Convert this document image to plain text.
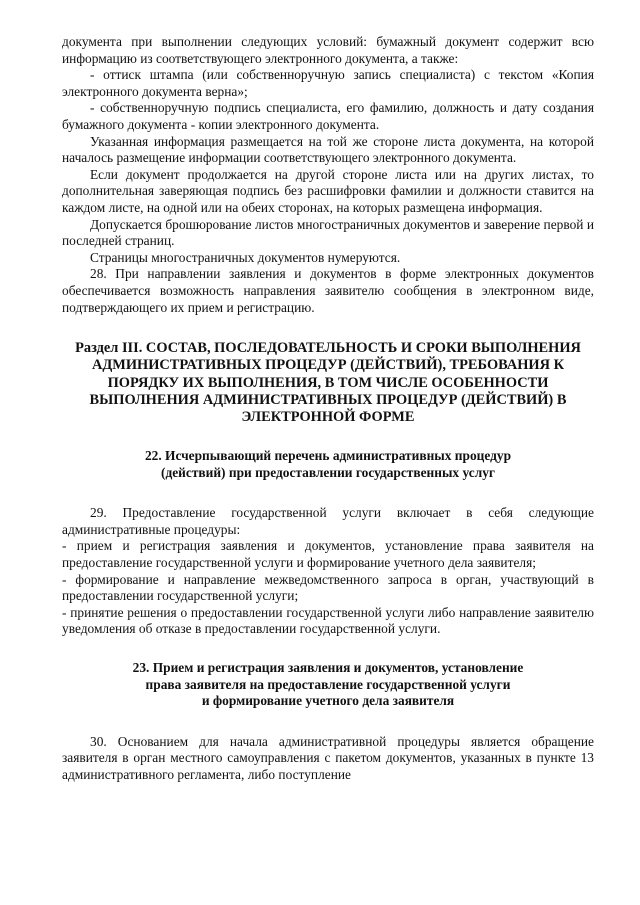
документа при выполнении следующих условий: бумажный документ содержит всю информацию из соответствующего электронного документа, а также:

- оттиск штампа (или собственноручную запись специалиста) с текстом «Копия электронного документа верна»;

- собственноручную подпись специалиста, его фамилию, должность и дату создания бумажного документа - копии электронного документа.

Указанная информация размещается на той же стороне листа документа, на которой началось размещение информации соответствующего электронного документа.

Если документ продолжается на другой стороне листа или на других листах, то дополнительная заверяющая подпись без расшифровки фамилии и должности ставится на каждом листе, на одной или на обеих сторонах, на которых размещена информация.

Допускается брошюрование листов многостраничных документов и заверение первой и последней страниц.

Страницы многостраничных документов нумеруются.

28. При направлении заявления и документов в форме электронных документов обеспечивается возможность направления заявителю сообщения в электронном виде, подтверждающего их прием и регистрацию.

Раздел III. СОСТАВ, ПОСЛЕДОВАТЕЛЬНОСТЬ И СРОКИ ВЫПОЛНЕНИЯ АДМИНИСТРАТИВНЫХ ПРОЦЕДУР (ДЕЙСТВИЙ), ТРЕБОВАНИЯ К ПОРЯДКУ ИХ ВЫПОЛНЕНИЯ, В ТОМ ЧИСЛЕ ОСОБЕННОСТИ ВЫПОЛНЕНИЯ АДМИНИСТРАТИВНЫХ ПРОЦЕДУР (ДЕЙСТВИЙ) В ЭЛЕКТРОННОЙ ФОРМЕ
22. Исчерпывающий перечень административных процедур
(действий) при предоставлении государственных услуг

29. Предоставление государственной услуги включает в себя следующие административные процедуры:

- прием и регистрация заявления и документов, установление права заявителя на предоставление государственной услуги и формирование учетного дела заявителя;

- формирование и направление межведомственного запроса в орган, участвующий в предоставлении государственной услуги;

- принятие решения о предоставлении государственной услуги либо направление заявителю уведомления об отказе в предоставлении государственной услуги.

23. Прием и регистрация заявления и документов, установление
права заявителя на предоставление государственной услуги
и формирование учетного дела заявителя

30. Основанием для начала административной процедуры является обращение заявителя в орган местного самоуправления с пакетом документов, указанных в пункте 13 административного регламента, либо поступление
